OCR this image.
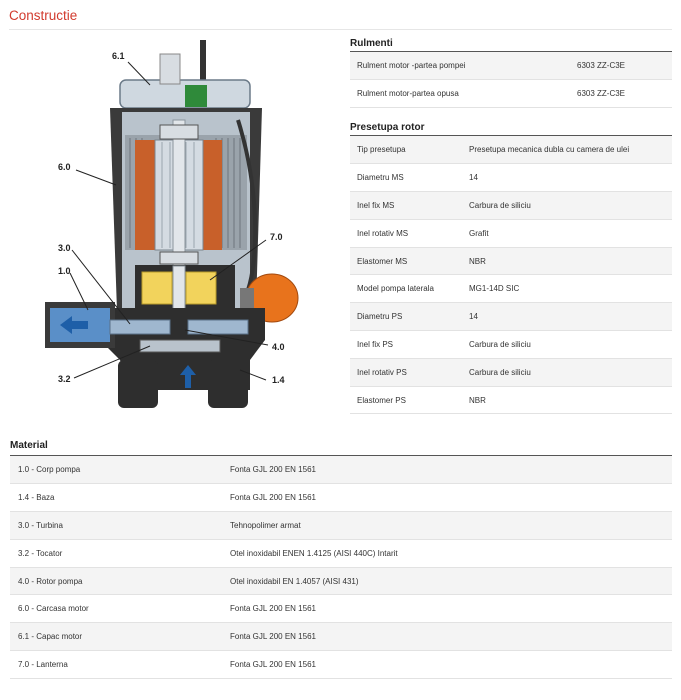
Constructie
6.1
6.0
3.0
1.0
3.2
7.0
4.0
1.4
Rulmenti
Rulment motor -partea pompei	6303 ZZ-C3E
Rulment motor-partea opusa	6303 ZZ-C3E
Presetupa rotor
Tip presetupa	Presetupa mecanica dubla cu camera de ulei
Diametru MS	14
Inel fix MS	Carbura de siliciu
Inel rotativ MS	Grafit
Elastomer MS	NBR
Model pompa laterala	MG1-14D SIC
Diametru PS	14
Inel fix PS	Carbura de siliciu
Inel rotativ PS	Carbura de siliciu
Elastomer PS	NBR
Material
1.0 - Corp pompa	Fonta GJL 200 EN 1561
1.4 - Baza	Fonta GJL 200 EN 1561
3.0 - Turbina	Tehnopolimer armat
3.2 - Tocator	Otel inoxidabil ENEN 1.4125 (AISI 440C) Intarit
4.0 - Rotor pompa	Otel inoxidabil EN 1.4057 (AISI 431)
6.0 - Carcasa motor	Fonta GJL 200 EN 1561
6.1 - Capac motor	Fonta GJL 200 EN 1561
7.0 - Lanterna	Fonta GJL 200 EN 1561
